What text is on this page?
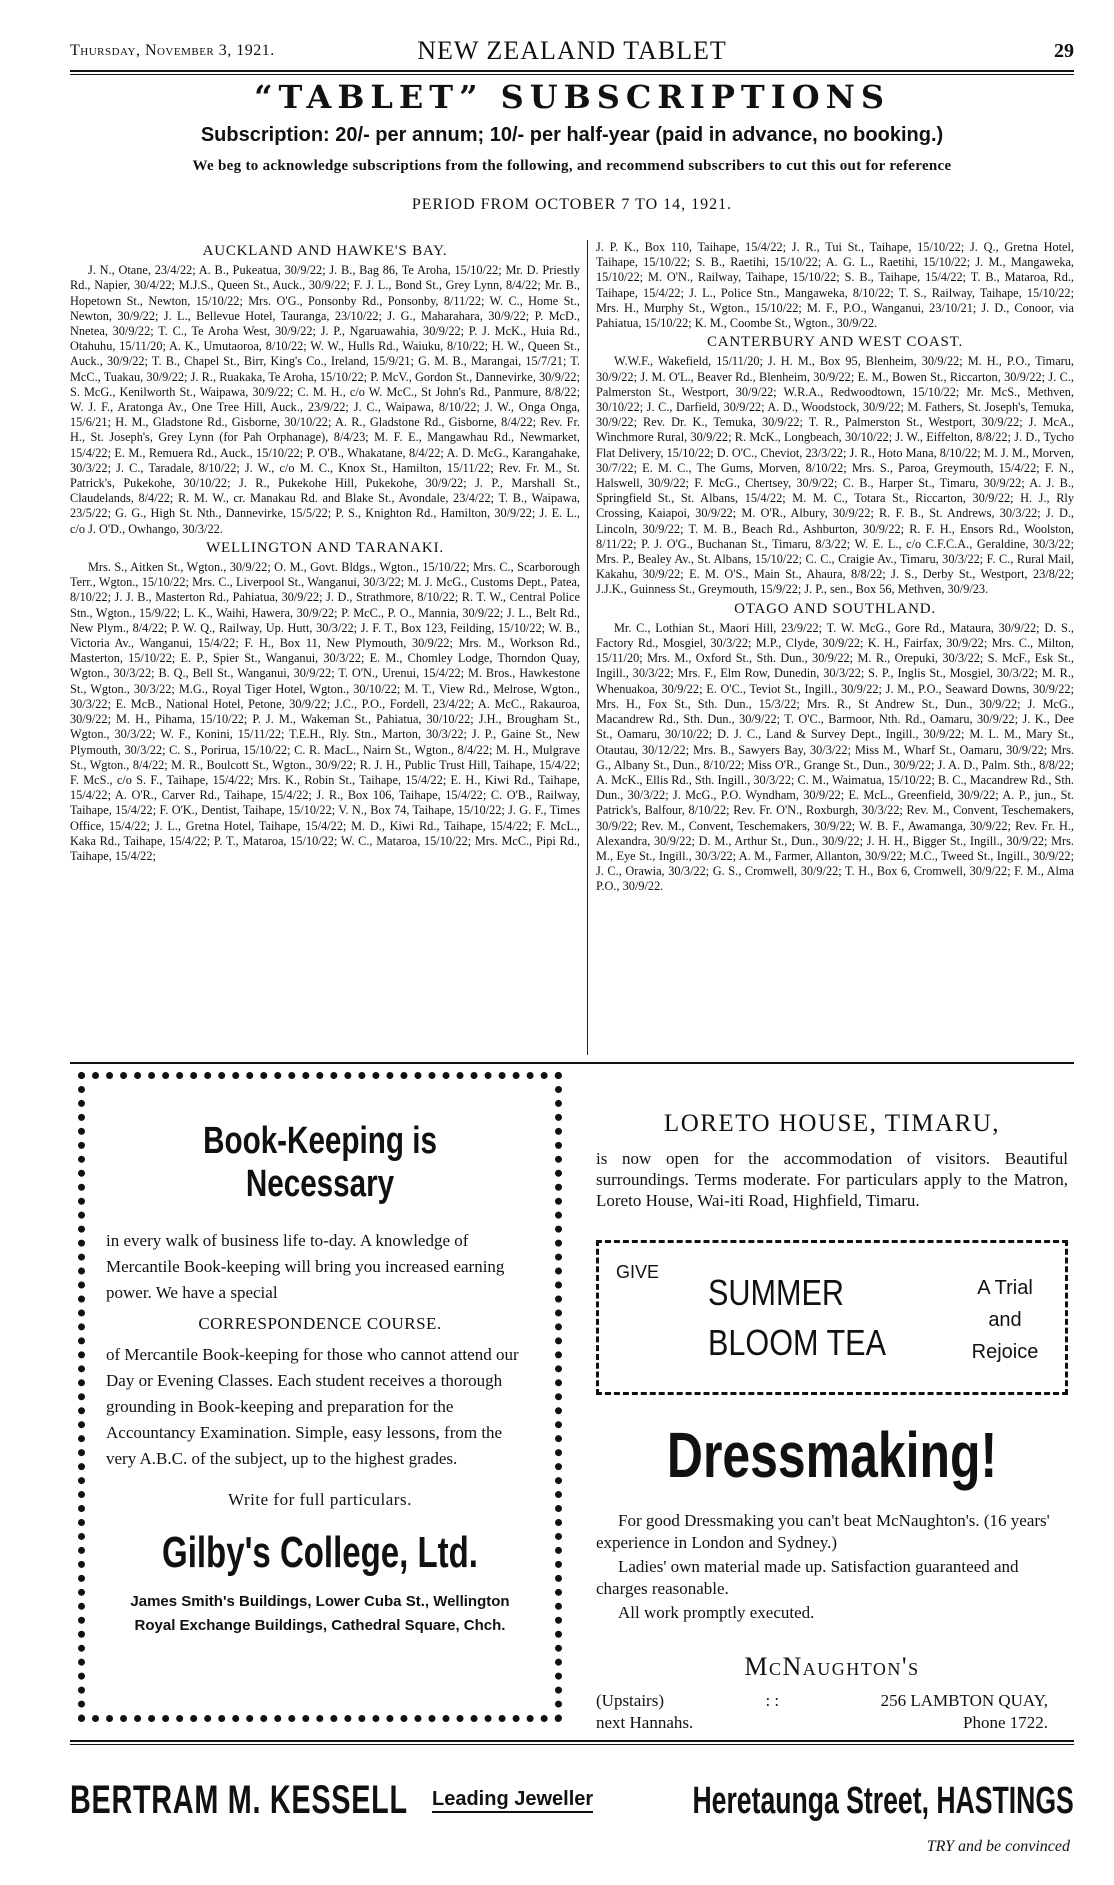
Thursday, November 3, 1921.	NEW ZEALAND TABLET	29
“TABLET” SUBSCRIPTIONS
Subscription: 20/- per annum; 10/- per half-year (paid in advance, no booking.)
We beg to acknowledge subscriptions from the following, and recommend subscribers to cut this out for reference
PERIOD FROM OCTOBER 7 TO 14, 1921.
AUCKLAND AND HAWKE'S BAY.

J. N., Otane, 23/4/22; A. B., Pukeatua, 30/9/22; J. B., Bag 86, Te Aroha, 15/10/22; Mr. D. Priestly Rd., Napier, 30/4/22; M.J.S., Queen St., Auck., 30/9/22; F. J. L., Bond St., Grey Lynn, 8/4/22; Mr. B., Hopetown St., Newton, 15/10/22; Mrs. O'G., Ponsonby Rd., Ponsonby, 8/11/22; W. C., Home St., Newton, 30/9/22; J. L., Bellevue Hotel, Tauranga, 23/10/22; J. G., Maharahara, 30/9/22; P. McD., Nnetea, 30/9/22; T. C., Te Aroha West, 30/9/22; J. P., Ngaruawahia, 30/9/22; P. J. McK., Huia Rd., Otahuhu, 15/11/20; A. K., Umutaoroa, 8/10/22; W. W., Hulls Rd., Waiuku, 8/10/22; H. W., Queen St., Auck., 30/9/22; T. B., Chapel St., Birr, King's Co., Ireland, 15/9/21; G. M. B., Marangai, 15/7/21; T. McC., Tuakau, 30/9/22; J. R., Ruakaka, Te Aroha, 15/10/22; P. McV., Gordon St., Dannevirke, 30/9/22; S. McG., Kenilworth St., Waipawa, 30/9/22; C. M. H., c/o W. McC., St John's Rd., Panmure, 8/8/22; W. J. F., Aratonga Av., One Tree Hill, Auck., 23/9/22; J. C., Waipawa, 8/10/22; J. W., Onga Onga, 15/6/21; H. M., Gladstone Rd., Gisborne, 30/10/22; A. R., Gladstone Rd., Gisborne, 8/4/22; Rev. Fr. H., St. Joseph's, Grey Lynn (for Pah Orphanage), 8/4/23; M. F. E., Mangawhau Rd., Newmarket, 15/4/22; E. M., Remuera Rd., Auck., 15/10/22; P. O'B., Whakatane, 8/4/22; A. D. McG., Karangahake, 30/3/22; J. C., Taradale, 8/10/22; J. W., c/o M. C., Knox St., Hamilton, 15/11/22; Rev. Fr. M., St. Patrick's, Pukekohe, 30/10/22; J. R., Pukekohe Hill, Pukekohe, 30/9/22; J. P., Marshall St., Claudelands, 8/4/22; R. M. W., cr. Manakau Rd. and Blake St., Avondale, 23/4/22; T. B., Waipawa, 23/5/22; G. G., High St. Nth., Dannevirke, 15/5/22; P. S., Knighton Rd., Hamilton, 30/9/22; J. E. L., c/o J. O'D., Owhango, 30/3/22.

WELLINGTON AND TARANAKI.

Mrs. S., Aitken St., Wgton., 30/9/22; O. M., Govt. Bldgs., Wgton., 15/10/22; Mrs. C., Scarborough Terr., Wgton., 15/10/22; Mrs. C., Liverpool St., Wanganui, 30/3/22; M. J. McG., Customs Dept., Patea, 8/10/22; J. J. B., Masterton Rd., Pahiatua, 30/9/22; J. D., Strathmore, 8/10/22; R. T. W., Central Police Stn., Wgton., 15/9/22; L. K., Waihi, Hawera, 30/9/22; P. McC., P. O., Mannia, 30/9/22; J. L., Belt Rd., New Plym., 8/4/22; P. W. Q., Railway, Up. Hutt, 30/3/22; J. F. T., Box 123, Feilding, 15/10/22; W. B., Victoria Av., Wanganui, 15/4/22; F. H., Box 11, New Plymouth, 30/9/22; Mrs. M., Workson Rd., Masterton, 15/10/22; E. P., Spier St., Wanganui, 30/3/22; E. M., Chomley Lodge, Thorndon Quay, Wgton., 30/3/22; B. Q., Bell St., Wanganui, 30/9/22; T. O'N., Urenui, 15/4/22; M. Bros., Hawkestone St., Wgton., 30/3/22; M.G., Royal Tiger Hotel, Wgton., 30/10/22; M. T., View Rd., Melrose, Wgton., 30/3/22; E. McB., National Hotel, Petone, 30/9/22; J.C., P.O., Fordell, 23/4/22; A. McC., Rakauroa, 30/9/22; M. H., Pihama, 15/10/22; P. J. M., Wakeman St., Pahiatua, 30/10/22; J.H., Brougham St., Wgton., 30/3/22; W. F., Konini, 15/11/22; T.E.H., Rly. Stn., Marton, 30/3/22; J. P., Gaine St., New Plymouth, 30/3/22; C. S., Porirua, 15/10/22; C. R. MacL., Nairn St., Wgton., 8/4/22; M. H., Mulgrave St., Wgton., 8/4/22; M. R., Boulcott St., Wgton., 30/9/22; R. J. H., Public Trust Hill, Taihape, 15/4/22; F. McS., c/o S. F., Taihape, 15/4/22; Mrs. K., Robin St., Taihape, 15/4/22; E. H., Kiwi Rd., Taihape, 15/4/22; A. O'R., Carver Rd., Taihape, 15/4/22; J. R., Box 106, Taihape, 15/4/22; C. O'B., Railway, Taihape, 15/4/22; F. O'K., Dentist, Taihape, 15/10/22; V. N., Box 74, Taihape, 15/10/22; J. G. F., Times Office, 15/4/22; J. L., Gretna Hotel, Taihape, 15/4/22; M. D., Kiwi Rd., Taihape, 15/4/22; F. McL., Kaka Rd., Taihape, 15/4/22; P. T., Mataroa, 15/10/22; W. C., Mataroa, 15/10/22; Mrs. McC., Pipi Rd., Taihape, 15/4/22;

J. P. K., Box 110, Taihape, 15/4/22; J. R., Tui St., Taihape, 15/10/22; J. Q., Gretna Hotel, Taihape, 15/10/22; S. B., Raetihi, 15/10/22; A. G. L., Raetihi, 15/10/22; J. M., Mangaweka, 15/10/22; M. O'N., Railway, Taihape, 15/10/22; S. B., Taihape, 15/4/22; T. B., Mataroa, Rd., Taihape, 15/4/22; J. L., Police Stn., Mangaweka, 8/10/22; T. S., Railway, Taihape, 15/10/22; Mrs. H., Murphy St., Wgton., 15/10/22; M. F., P.O., Wanganui, 23/10/21; J. D., Conoor, via Pahiatua, 15/10/22; K. M., Coombe St., Wgton., 30/9/22.

CANTERBURY AND WEST COAST.

W.W.F., Wakefield, 15/11/20; J. H. M., Box 95, Blenheim, 30/9/22; M. H., P.O., Timaru, 30/9/22; J. M. O'L., Beaver Rd., Blenheim, 30/9/22; E. M., Bowen St., Riccarton, 30/9/22; J. C., Palmerston St., Westport, 30/9/22; W.R.A., Redwoodtown, 15/10/22; Mr. McS., Methven, 30/10/22; J. C., Darfield, 30/9/22; A. D., Woodstock, 30/9/22; M. Fathers, St. Joseph's, Temuka, 30/9/22; Rev. Dr. K., Temuka, 30/9/22; T. R., Palmerston St., Westport, 30/9/22; J. McA., Winchmore Rural, 30/9/22; R. McK., Longbeach, 30/10/22; J. W., Eiffelton, 8/8/22; J. D., Tycho Flat Delivery, 15/10/22; D. O'C., Cheviot, 23/3/22; J. R., Hoto Mana, 8/10/22; M. J. M., Morven, 30/7/22; E. M. C., The Gums, Morven, 8/10/22; Mrs. S., Paroa, Greymouth, 15/4/22; F. N., Halswell, 30/9/22; F. McG., Chertsey, 30/9/22; C. B., Harper St., Timaru, 30/9/22; A. J. B., Springfield St., St. Albans, 15/4/22; M. M. C., Totara St., Riccarton, 30/9/22; H. J., Rly Crossing, Kaiapoi, 30/9/22; M. O'R., Albury, 30/9/22; R. F. B., St. Andrews, 30/3/22; J. D., Lincoln, 30/9/22; T. M. B., Beach Rd., Ashburton, 30/9/22; R. F. H., Ensors Rd., Woolston, 8/11/22; P. J. O'G., Buchanan St., Timaru, 8/3/22; W. E. L., c/o C.F.C.A., Geraldine, 30/3/22; Mrs. P., Bealey Av., St. Albans, 15/10/22; C. C., Craigie Av., Timaru, 30/3/22; F. C., Rural Mail, Kakahu, 30/9/22; E. M. O'S., Main St., Ahaura, 8/8/22; J. S., Derby St., Westport, 23/8/22; J.J.K., Guinness St., Greymouth, 15/9/22; J. P., sen., Box 56, Methven, 30/9/23.

OTAGO AND SOUTHLAND.

Mr. C., Lothian St., Maori Hill, 23/9/22; T. W. McG., Gore Rd., Mataura, 30/9/22; D. S., Factory Rd., Mosgiel, 30/3/22; M.P., Clyde, 30/9/22; K. H., Fairfax, 30/9/22; Mrs. C., Milton, 15/11/20; Mrs. M., Oxford St., Sth. Dun., 30/9/22; M. R., Orepuki, 30/3/22; S. McF., Esk St., Ingill., 30/3/22; Mrs. F., Elm Row, Dunedin, 30/3/22; S. P., Inglis St., Mosgiel, 30/3/22; M. R., Whenuakoa, 30/9/22; E. O'C., Teviot St., Ingill., 30/9/22; J. M., P.O., Seaward Downs, 30/9/22; Mrs. H., Fox St., Sth. Dun., 15/3/22; Mrs. R., St Andrew St., Dun., 30/9/22; J. McG., Macandrew Rd., Sth. Dun., 30/9/22; T. O'C., Barmoor, Nth. Rd., Oamaru, 30/9/22; J. K., Dee St., Oamaru, 30/10/22; D. J. C., Land & Survey Dept., Ingill., 30/9/22; M. L. M., Mary St., Otautau, 30/12/22; Mrs. B., Sawyers Bay, 30/3/22; Miss M., Wharf St., Oamaru, 30/9/22; Mrs. G., Albany St., Dun., 8/10/22; Miss O'R., Grange St., Dun., 30/9/22; J. A. D., Palm. Sth., 8/8/22; A. McK., Ellis Rd., Sth. Ingill., 30/3/22; C. M., Waimatua, 15/10/22; B. C., Macandrew Rd., Sth. Dun., 30/3/22; J. McG., P.O. Wyndham, 30/9/22; E. McL., Greenfield, 30/9/22; A. P., jun., St. Patrick's, Balfour, 8/10/22; Rev. Fr. O'N., Roxburgh, 30/3/22; Rev. M., Convent, Teschemakers, 30/9/22; Rev. M., Convent, Teschemakers, 30/9/22; W. B. F., Awamanga, 30/9/22; Rev. Fr. H., Alexandra, 30/9/22; D. M., Arthur St., Dun., 30/9/22; J. H. H., Bigger St., Ingill., 30/9/22; Mrs. M., Eye St., Ingill., 30/3/22; A. M., Farmer, Allanton, 30/9/22; M.C., Tweed St., Ingill., 30/9/22; J. C., Orawia, 30/3/22; G. S., Cromwell, 30/9/22; T. H., Box 6, Cromwell, 30/9/22; F. M., Alma P.O., 30/9/22.

Book-Keeping is Necessary
in every walk of business life to-day. A knowledge of Mercantile Book-keeping will bring you increased earning power. We have a special
CORRESPONDENCE COURSE.
of Mercantile Book-keeping for those who cannot attend our Day or Evening Classes. Each student receives a thorough grounding in Book-keeping and preparation for the Accountancy Examination. Simple, easy lessons, from the very A.B.C. of the subject, up to the highest grades.
Write for full particulars.
Gilby's College, Ltd.
James Smith's Buildings, Lower Cuba St., Wellington
Royal Exchange Buildings, Cathedral Square, Chch.
LORETO HOUSE, TIMARU,
is now open for the accommodation of visitors. Beautiful surroundings. Terms moderate. For particulars apply to the Matron, Loreto House, Wai-iti Road, Highfield, Timaru.
GIVE SUMMER
BLOOM TEA
A Trial
and
Rejoice
Dressmaking!

For good Dressmaking you can't beat McNaughton's. (16 years' experience in London and Sydney.)

Ladies' own material made up. Satisfaction guaranteed and charges reasonable.

All work promptly executed.

McNaughton's
(Upstairs)	: :	256 LAMBTON QUAY,
next Hannahs.	Phone 1722.
BERTRAM M. KESSELL Leading Jeweller	Heretaunga Street, HASTINGS
TRY and be convinced
